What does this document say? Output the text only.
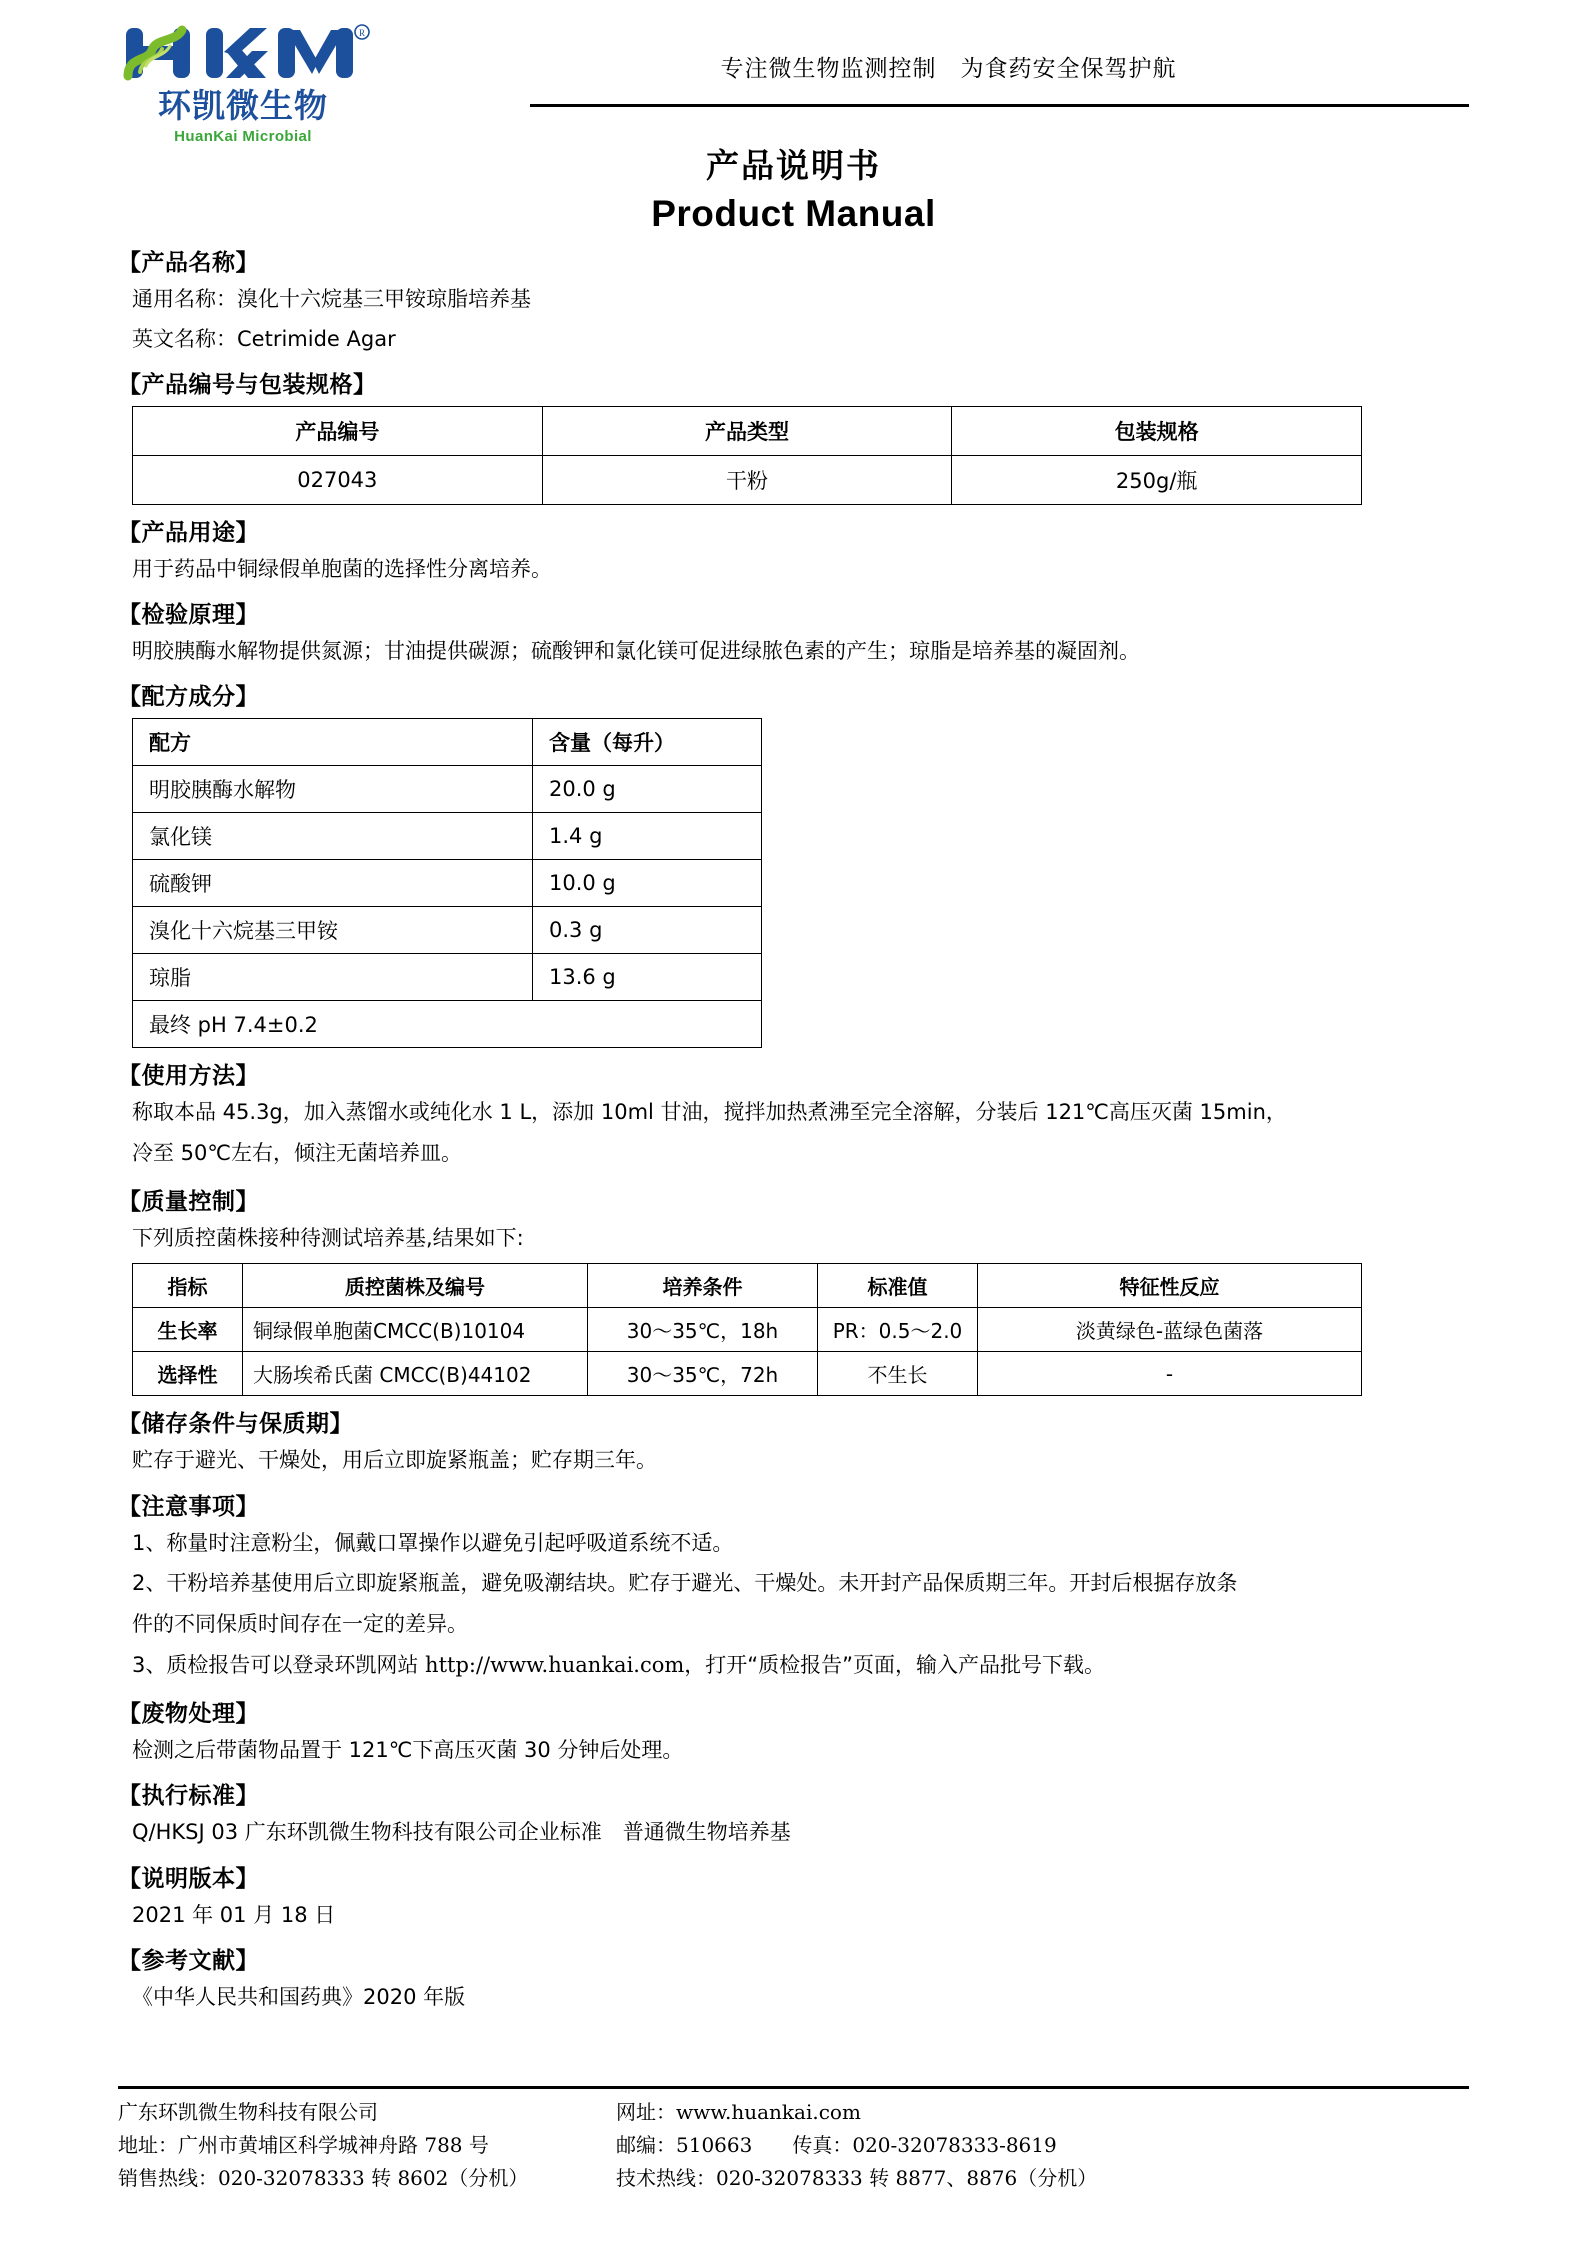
R
环凯微生物
HuanKai Microbial
专注微生物监测控制　为食药安全保驾护航
产品说明书
Product Manual
【产品名称】
通用名称：溴化十六烷基三甲铵琼脂培养基
英文名称：Cetrimide Agar
【产品编号与包装规格】
产品编号	产品类型	包装规格
027043	干粉	250g/瓶
【产品用途】
用于药品中铜绿假单胞菌的选择性分离培养。
【检验原理】
明胶胰酶水解物提供氮源；甘油提供碳源；硫酸钾和氯化镁可促进绿脓色素的产生；琼脂是培养基的凝固剂。
【配方成分】
配方	含量（每升）
明胶胰酶水解物	20.0 g
氯化镁	1.4 g
硫酸钾	10.0 g
溴化十六烷基三甲铵	0.3 g
琼脂	13.6 g
最终 pH 7.4±0.2	
【使用方法】
称取本品 45.3g，加入蒸馏水或纯化水 1 L，添加 10ml 甘油，搅拌加热煮沸至完全溶解，分装后 121℃高压灭菌 15min，
冷至 50℃左右，倾注无菌培养皿。
【质量控制】
下列质控菌株接种待测试培养基,结果如下:
指标	质控菌株及编号	培养条件	标准值	特征性反应
生长率	铜绿假单胞菌CMCC(B)10104	30～35℃，18h	PR：0.5～2.0	淡黄绿色-蓝绿色菌落
选择性	大肠埃希氏菌 CMCC(B)44102	30～35℃，72h	不生长	-
【储存条件与保质期】
贮存于避光、干燥处，用后立即旋紧瓶盖；贮存期三年。
【注意事项】
1、称量时注意粉尘，佩戴口罩操作以避免引起呼吸道系统不适。
2、干粉培养基使用后立即旋紧瓶盖，避免吸潮结块。贮存于避光、干燥处。未开封产品保质期三年。开封后根据存放条
件的不同保质时间存在一定的差异。
3、质检报告可以登录环凯网站 http://www.huankai.com，打开“质检报告”页面，输入产品批号下载。
【废物处理】
检测之后带菌物品置于 121℃下高压灭菌 30 分钟后处理。
【执行标准】
Q/HKSJ 03 广东环凯微生物科技有限公司企业标准　普通微生物培养基
【说明版本】
2021 年 01 月 18 日
【参考文献】
《中华人民共和国药典》2020 年版
广东环凯微生物科技有限公司
地址：广州市黄埔区科学城神舟路 788 号
销售热线：020-32078333 转 8602（分机）
网址：www.huankai.com
邮编：510663　　传真：020-32078333-8619
技术热线：020-32078333 转 8877、8876（分机）
